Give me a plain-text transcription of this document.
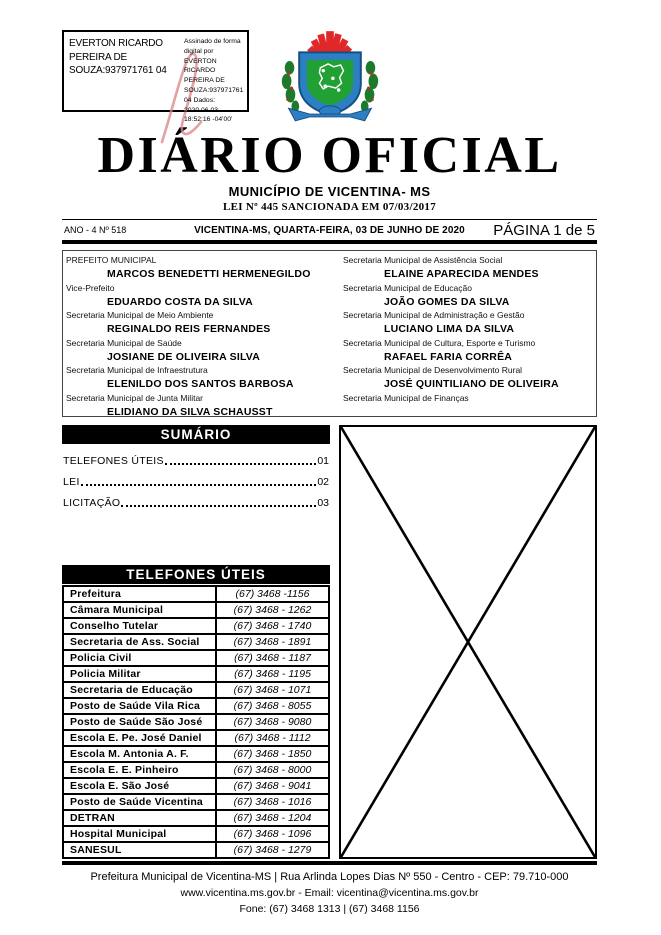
EVERTON RICARDO PEREIRA DE SOUZA:937971761 04
Assinado de forma digital por EVERTON RICARDO PEREIRA DE SOUZA:93797176104 Dados: 2020.06.03 18:52:16 -04'00'
DIÁRIO OFICIAL
MUNICÍPIO DE VICENTINA- MS
LEI Nº 445 SANCIONADA EM 07/03/2017
ANO - 4 Nº 518	VICENTINA-MS, QUARTA-FEIRA, 03 DE JUNHO DE 2020 PÁGINA 1 de 5
PREFEITO MUNICIPAL
MARCOS BENEDETTI HERMENEGILDO
Vice-Prefeito
EDUARDO COSTA DA SILVA
Secretaria Municipal de Meio Ambiente
REGINALDO REIS FERNANDES
Secretaria Municipal de Saúde
JOSIANE DE OLIVEIRA SILVA
Secretaria Municipal de Infraestrutura
ELENILDO DOS SANTOS BARBOSA
Secretaria Municipal de Junta Militar
ELIDIANO DA SILVA SCHAUSST
Secretaria Municipal de Assistência Social
ELAINE APARECIDA MENDES
Secretaria Municipal de Educação
JOÃO GOMES DA SILVA
Secretaria Municipal de Administração e Gestão
LUCIANO LIMA DA SILVA
Secretaria Municipal de Cultura, Esporte e Turismo
RAFAEL FARIA CORRÊA
Secretaria Municipal de Desenvolvimento Rural
JOSÉ QUINTILIANO DE OLIVEIRA
Secretaria Municipal de Finanças
SUMÁRIO
TELEFONES ÚTEIS	01
LEI	02
LICITAÇÃO	03
TELEFONES ÚTEIS
Prefeitura	(67) 3468 -1156
Câmara Municipal	(67) 3468 - 1262
Conselho Tutelar	(67) 3468 - 1740
Secretaria de Ass. Social	(67) 3468 - 1891
Policia Civil	(67) 3468 - 1187
Policia Militar	(67) 3468 - 1195
Secretaria de Educação	(67) 3468 - 1071
Posto de Saúde Vila Rica	(67) 3468 - 8055
Posto de Saúde São José	(67) 3468 - 9080
Escola E. Pe. José Daniel	(67) 3468 - 1112
Escola M. Antonia A. F.	(67) 3468 - 1850
Escola E. E. Pinheiro	(67) 3468 - 8000
Escola E. São José	(67) 3468 - 9041
Posto de Saúde Vicentina	(67) 3468 - 1016
DETRAN	(67) 3468 - 1204
Hospital Municipal	(67) 3468 - 1096
SANESUL	(67) 3468 - 1279
Prefeitura Municipal de Vicentina-MS | Rua Arlinda Lopes Dias Nº 550 - Centro - CEP: 79.710-000
www.vicentina.ms.gov.br - Email: vicentina@vicentina.ms.gov.br
Fone: (67) 3468 1313 | (67) 3468 1156
